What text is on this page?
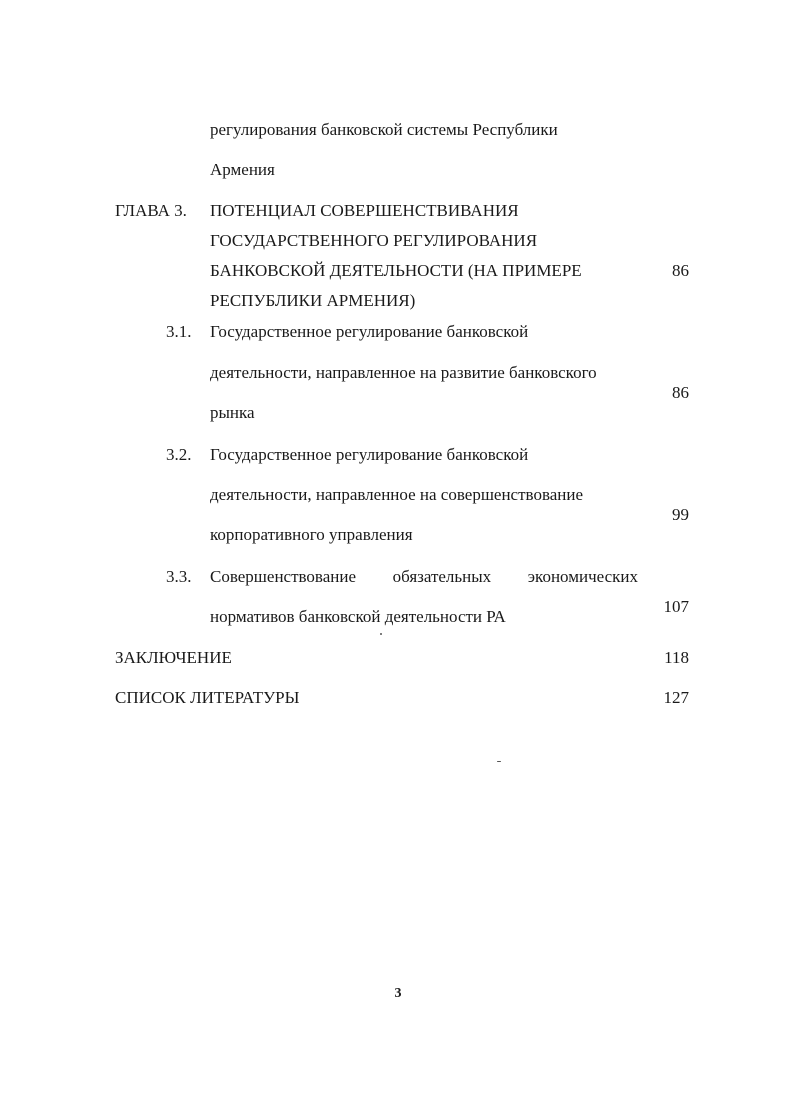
регулирования банковской системы Республики
Армения
ГЛАВА 3. ПОТЕНЦИАЛ СОВЕРШЕНСТВИВАНИЯ
ГОСУДАРСТВЕННОГО РЕГУЛИРОВАНИЯ
БАНКОВСКОЙ ДЕЯТЕЛЬНОСТИ (НА ПРИМЕРЕ
РЕСПУБЛИКИ АРМЕНИЯ)
86
3.1. Государственное регулирование банковской
деятельности, направленное на развитие банковского
рынка
86
3.2. Государственное регулирование банковской
деятельности, направленное на совершенствование
корпоративного управления
99
3.3. Совершенствование обязательных экономических
нормативов банковской деятельности РА
107
ЗАКЛЮЧЕНИЕ	118
СПИСОК ЛИТЕРАТУРЫ	127
3
